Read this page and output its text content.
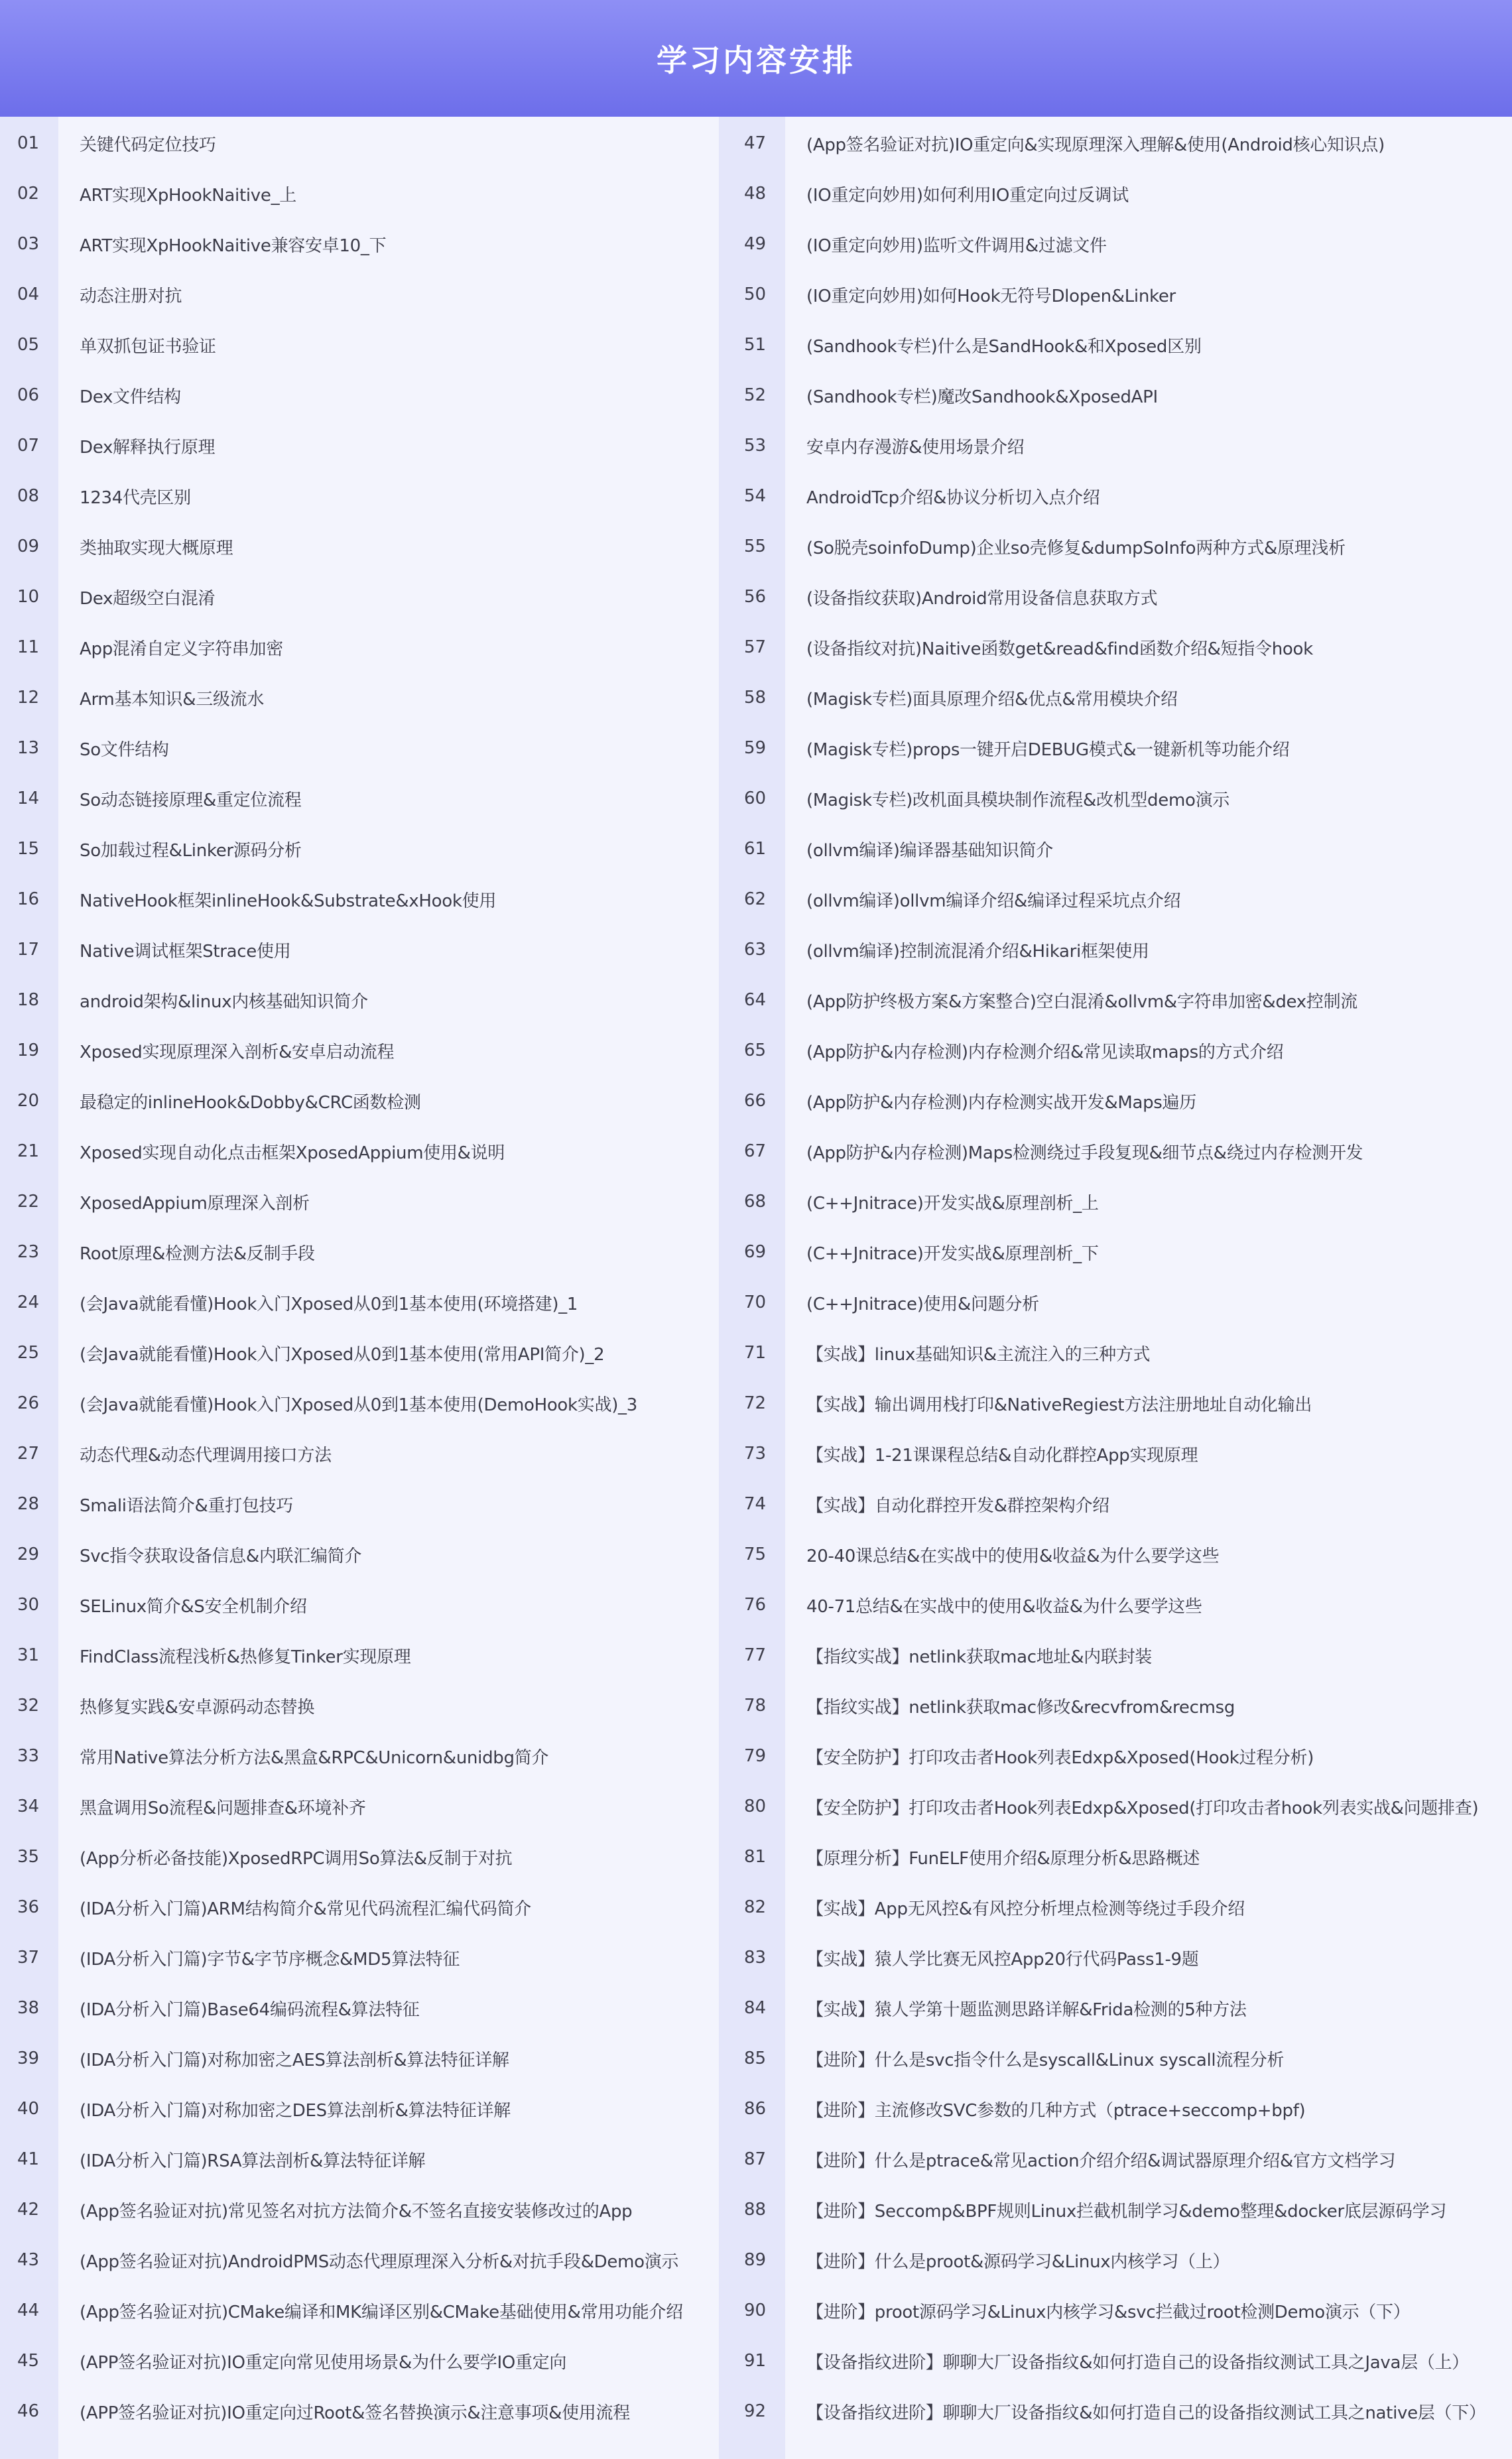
学习内容安排
01	关键代码定位技巧
02	ART实现XpHookNaitive_上
03	ART实现XpHookNaitive兼容安卓10_下
04	动态注册对抗
05	单双抓包证书验证
06	Dex文件结构
07	Dex解释执行原理
08	1234代壳区别
09	类抽取实现大概原理
10	Dex超级空白混淆
11	App混淆自定义字符串加密
12	Arm基本知识&三级流水
13	So文件结构
14	So动态链接原理&重定位流程
15	So加载过程&Linker源码分析
16	NativeHook框架inlineHook&Substrate&xHook使用
17	Native调试框架Strace使用
18	android架构&linux内核基础知识简介
19	Xposed实现原理深入剖析&安卓启动流程
20	最稳定的inlineHook&Dobby&CRC函数检测
21	Xposed实现自动化点击框架XposedAppium使用&说明
22	XposedAppium原理深入剖析
23	Root原理&检测方法&反制手段
24	(会Java就能看懂)Hook入门Xposed从0到1基本使用(环境搭建)_1
25	(会Java就能看懂)Hook入门Xposed从0到1基本使用(常用API简介)_2
26	(会Java就能看懂)Hook入门Xposed从0到1基本使用(DemoHook实战)_3
27	动态代理&动态代理调用接口方法
28	Smali语法简介&重打包技巧
29	Svc指令获取设备信息&内联汇编简介
30	SELinux简介&S安全机制介绍
31	FindClass流程浅析&热修复Tinker实现原理
32	热修复实践&安卓源码动态替换
33	常用Native算法分析方法&黑盒&RPC&Unicorn&unidbg简介
34	黑盒调用So流程&问题排查&环境补齐
35	(App分析必备技能)XposedRPC调用So算法&反制于对抗
36	(IDA分析入门篇)ARM结构简介&常见代码流程汇编代码简介
37	(IDA分析入门篇)字节&字节序概念&MD5算法特征
38	(IDA分析入门篇)Base64编码流程&算法特征
39	(IDA分析入门篇)对称加密之AES算法剖析&算法特征详解
40	(IDA分析入门篇)对称加密之DES算法剖析&算法特征详解
41	(IDA分析入门篇)RSA算法剖析&算法特征详解
42	(App签名验证对抗)常见签名对抗方法简介&不签名直接安装修改过的App
43	(App签名验证对抗)AndroidPMS动态代理原理深入分析&对抗手段&Demo演示
44	(App签名验证对抗)CMake编译和MK编译区别&CMake基础使用&常用功能介绍
45	(APP签名验证对抗)IO重定向常见使用场景&为什么要学IO重定向
46	(APP签名验证对抗)IO重定向过Root&签名替换演示&注意事项&使用流程
47	(App签名验证对抗)IO重定向&实现原理深入理解&使用(Android核心知识点)
48	(IO重定向妙用)如何利用IO重定向过反调试
49	(IO重定向妙用)监听文件调用&过滤文件
50	(IO重定向妙用)如何Hook无符号Dlopen&Linker
51	(Sandhook专栏)什么是SandHook&和Xposed区别
52	(Sandhook专栏)魔改Sandhook&XposedAPI
53	安卓内存漫游&使用场景介绍
54	AndroidTcp介绍&协议分析切入点介绍
55	(So脱壳soinfoDump)企业so壳修复&dumpSoInfo两种方式&原理浅析
56	(设备指纹获取)Android常用设备信息获取方式
57	(设备指纹对抗)Naitive函数get&read&find函数介绍&短指令hook
58	(Magisk专栏)面具原理介绍&优点&常用模块介绍
59	(Magisk专栏)props一键开启DEBUG模式&一键新机等功能介绍
60	(Magisk专栏)改机面具模块制作流程&改机型demo演示
61	(ollvm编译)编译器基础知识简介
62	(ollvm编译)ollvm编译介绍&编译过程采坑点介绍
63	(ollvm编译)控制流混淆介绍&Hikari框架使用
64	(App防护终极方案&方案整合)空白混淆&ollvm&字符串加密&dex控制流
65	(App防护&内存检测)内存检测介绍&常见读取maps的方式介绍
66	(App防护&内存检测)内存检测实战开发&Maps遍历
67	(App防护&内存检测)Maps检测绕过手段复现&细节点&绕过内存检测开发
68	(C++Jnitrace)开发实战&原理剖析_上
69	(C++Jnitrace)开发实战&原理剖析_下
70	(C++Jnitrace)使用&问题分析
71	【实战】linux基础知识&主流注入的三种方式
72	【实战】输出调用栈打印&NativeRegiest方法注册地址自动化输出
73	【实战】1-21课课程总结&自动化群控App实现原理
74	【实战】自动化群控开发&群控架构介绍
75	20-40课总结&在实战中的使用&收益&为什么要学这些
76	40-71总结&在实战中的使用&收益&为什么要学这些
77	【指纹实战】netlink获取mac地址&内联封装
78	【指纹实战】netlink获取mac修改&recvfrom&recmsg
79	【安全防护】打印攻击者Hook列表Edxp&Xposed(Hook过程分析)
80	【安全防护】打印攻击者Hook列表Edxp&Xposed(打印攻击者hook列表实战&问题排查)
81	【原理分析】FunELF使用介绍&原理分析&思路概述
82	【实战】App无风控&有风控分析埋点检测等绕过手段介绍
83	【实战】猿人学比赛无风控App20行代码Pass1-9题
84	【实战】猿人学第十题监测思路详解&Frida检测的5种方法
85	【进阶】什么是svc指令什么是syscall&Linux syscall流程分析
86	【进阶】主流修改SVC参数的几种方式（ptrace+seccomp+bpf)
87	【进阶】什么是ptrace&常见action介绍介绍&调试器原理介绍&官方文档学习
88	【进阶】Seccomp&BPF规则Linux拦截机制学习&demo整理&docker底层源码学习
89	【进阶】什么是proot&源码学习&Linux内核学习（上）
90	【进阶】proot源码学习&Linux内核学习&svc拦截过root检测Demo演示（下）
91	【设备指纹进阶】聊聊大厂设备指纹&如何打造自己的设备指纹测试工具之Java层（上）
92	【设备指纹进阶】聊聊大厂设备指纹&如何打造自己的设备指纹测试工具之native层（下）
